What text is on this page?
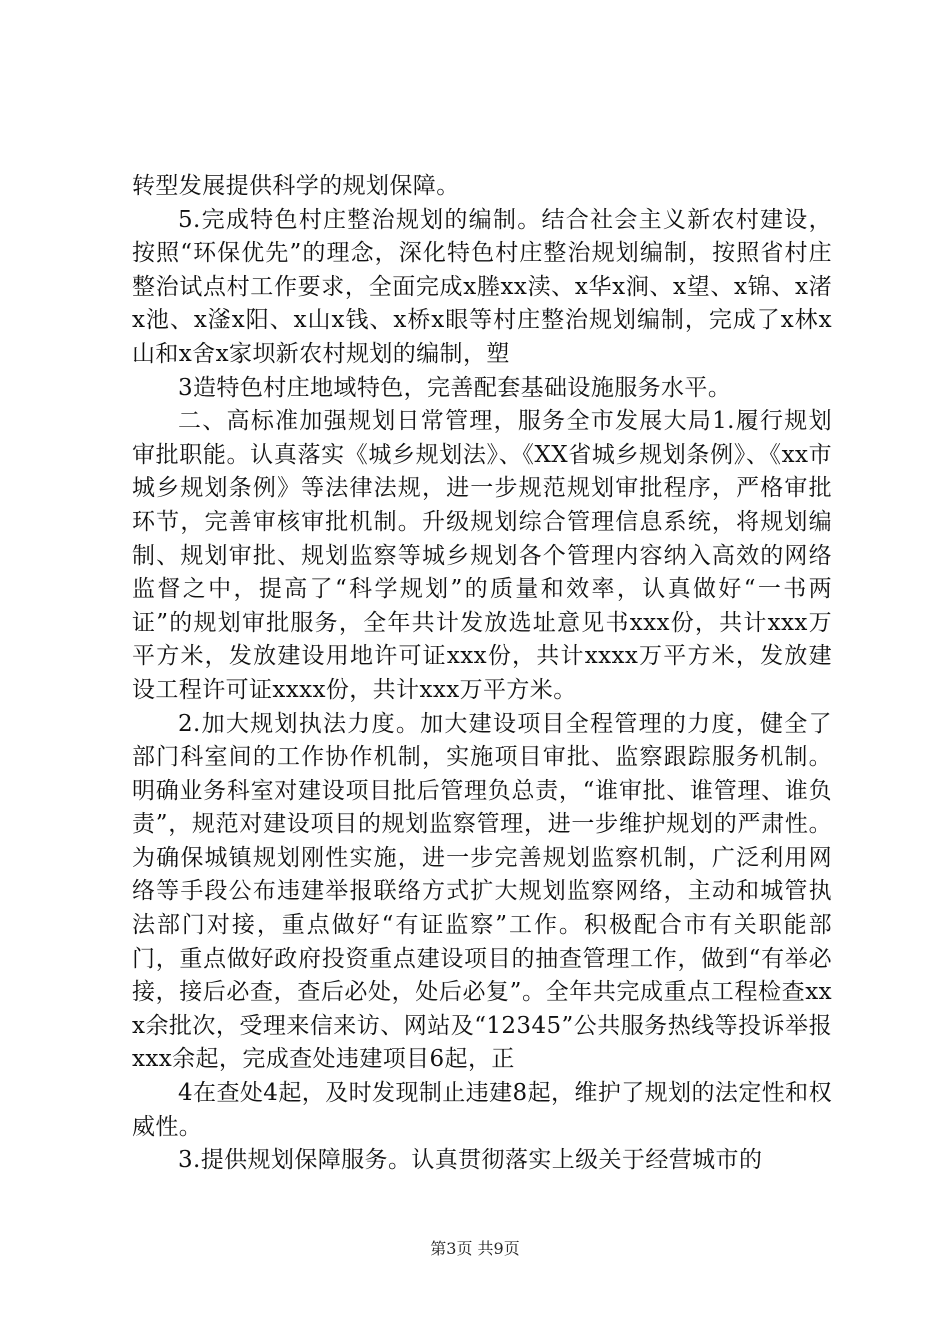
转型发展提供科学的规划保障。

5.完成特色村庄整治规划的编制。结合社会主义新农村建设，按照“环保优先”的理念，深化特色村庄整治规划编制，按照省村庄整治试点村工作要求，全面完成x塍xx渎、x华x涧、x望、x锦、x渚x池、x滏x阳、x山x钱、x桥x眼等村庄整治规划编制，完成了x林x山和x舍x家坝新农村规划的编制，塑

3造特色村庄地域特色，完善配套基础设施服务水平。

二、高标准加强规划日常管理，服务全市发展大局1.履行规划审批职能。认真落实《城乡规划法》、《XX省城乡规划条例》、《xx市城乡规划条例》等法律法规，进一步规范规划审批程序，严格审批环节，完善审核审批机制。升级规划综合管理信息系统，将规划编制、规划审批、规划监察等城乡规划各个管理内容纳入高效的网络监督之中，提高了“科学规划”的质量和效率，认真做好“一书两证”的规划审批服务，全年共计发放选址意见书xxx份，共计xxx万平方米，发放建设用地许可证xxx份，共计xxxx万平方米，发放建设工程许可证xxxx份，共计xxx万平方米。

2.加大规划执法力度。加大建设项目全程管理的力度，健全了部门科室间的工作协作机制，实施项目审批、监察跟踪服务机制。明确业务科室对建设项目批后管理负总责，“谁审批、谁管理、谁负责”，规范对建设项目的规划监察管理，进一步维护规划的严肃性。为确保城镇规划刚性实施，进一步完善规划监察机制，广泛利用网络等手段公布违建举报联络方式扩大规划监察网络，主动和城管执法部门对接，重点做好“有证监察”工作。积极配合市有关职能部门，重点做好政府投资重点建设项目的抽查管理工作，做到“有举必接，接后必查，查后必处，处后必复”。全年共完成重点工程检查xxx余批次，受理来信来访、网站及“12345”公共服务热线等投诉举报xxx余起，完成查处违建项目6起，正

4在查处4起，及时发现制止违建8起，维护了规划的法定性和权威性。

3.提供规划保障服务。认真贯彻落实上级关于经营城市的

第3页 共9页
